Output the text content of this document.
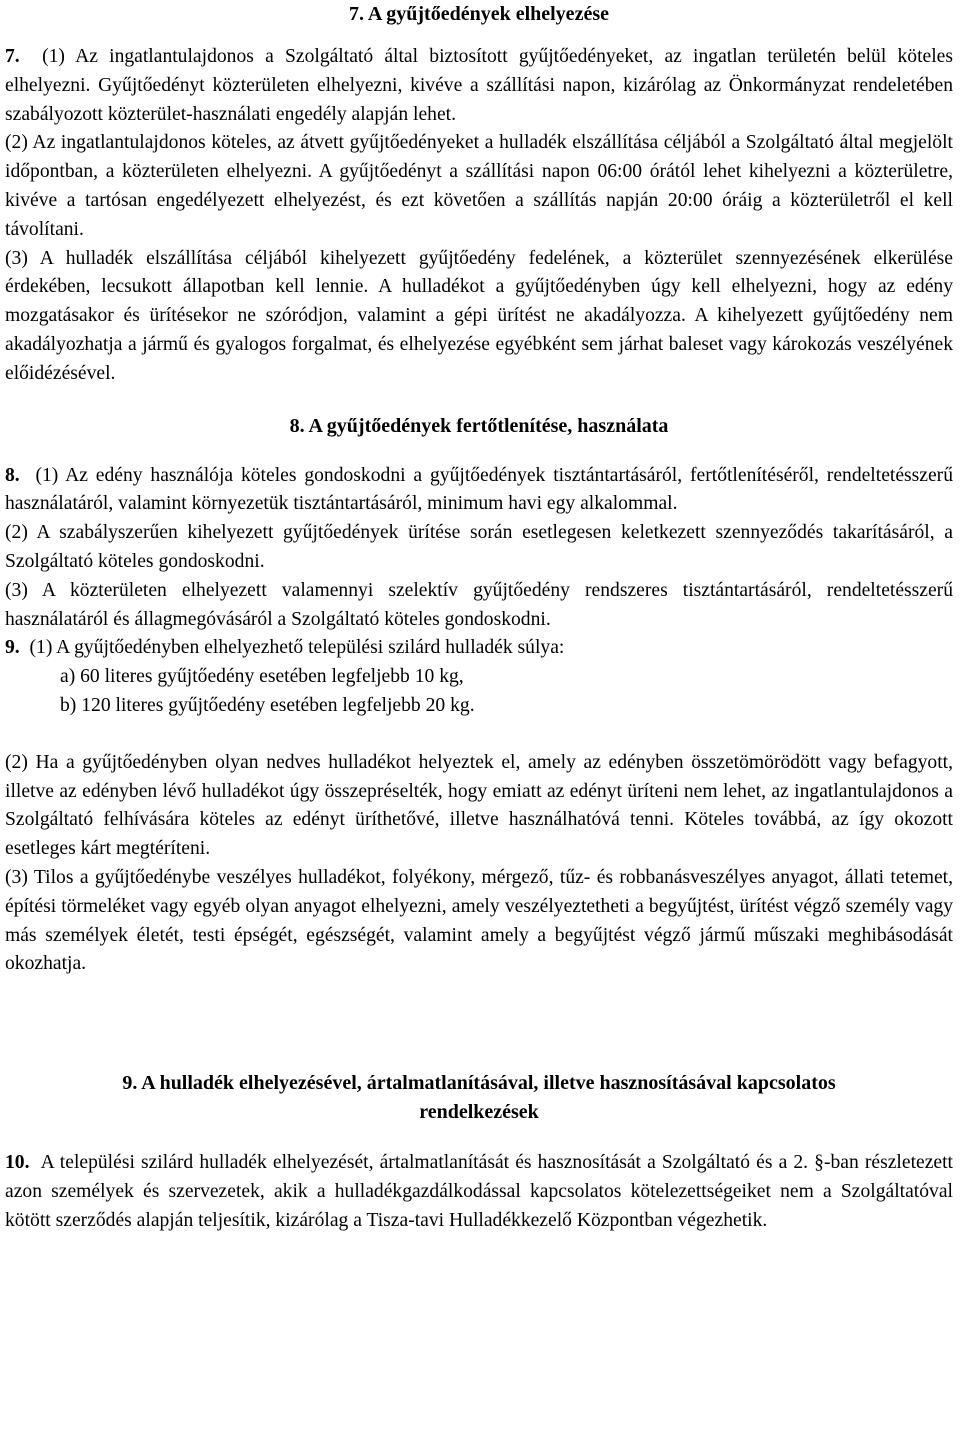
7. A gyűjtőedények elhelyezése

7.  (1) Az ingatlantulajdonos a Szolgáltató által biztosított gyűjtőedényeket, az ingatlan területén belül köteles elhelyezni. Gyűjtőedényt közterületen elhelyezni, kivéve a szállítási napon, kizárólag az Önkormányzat rendeletében szabályozott közterület-használati engedély alapján lehet.

(2) Az ingatlantulajdonos köteles, az átvett gyűjtőedényeket a hulladék elszállítása céljából a Szolgáltató által megjelölt időpontban, a közterületen elhelyezni. A gyűjtőedényt a szállítási napon 06:00 órától lehet kihelyezni a közterületre, kivéve a tartósan engedélyezett elhelyezést, és ezt követően a szállítás napján 20:00 óráig a közterületről el kell távolítani.

(3) A hulladék elszállítása céljából kihelyezett gyűjtőedény fedelének, a közterület szennyezésének elkerülése érdekében, lecsukott állapotban kell lennie. A hulladékot a gyűjtőedényben úgy kell elhelyezni, hogy az edény mozgatásakor és ürítésekor ne szóródjon, valamint a gépi ürítést ne akadályozza. A kihelyezett gyűjtőedény nem akadályozhatja a jármű és gyalogos forgalmat, és elhelyezése egyébként sem járhat baleset vagy károkozás veszélyének előidézésével.

8. A gyűjtőedények fertőtlenítése, használata

8.  (1) Az edény használója köteles gondoskodni a gyűjtőedények tisztántartásáról, fertőtlenítéséről, rendeltetésszerű használatáról, valamint környezetük tisztántartásáról, minimum havi egy alkalommal.

(2) A szabályszerűen kihelyezett gyűjtőedények ürítése során esetlegesen keletkezett szennyeződés takarításáról, a Szolgáltató köteles gondoskodni.

(3) A közterületen elhelyezett valamennyi szelektív gyűjtőedény rendszeres tisztántartásáról, rendeltetésszerű használatáról és állagmegóvásáról a Szolgáltató köteles gondoskodni.

9.  (1) A gyűjtőedényben elhelyezhető települési szilárd hulladék súlya:

a) 60 literes gyűjtőedény esetében legfeljebb 10 kg,
b) 120 literes gyűjtőedény esetében legfeljebb 20 kg.

(2) Ha a gyűjtőedényben olyan nedves hulladékot helyeztek el, amely az edényben összetömörödött vagy befagyott, illetve az edényben lévő hulladékot úgy összepréselték, hogy emiatt az edényt üríteni nem lehet, az ingatlantulajdonos a Szolgáltató felhívására köteles az edényt üríthetővé, illetve használhatóvá tenni. Köteles továbbá, az így okozott esetleges kárt megtéríteni.

(3) Tilos a gyűjtőedénybe veszélyes hulladékot, folyékony, mérgező, tűz- és robbanásveszélyes anyagot, állati tetemet, építési törmeléket vagy egyéb olyan anyagot elhelyezni, amely veszélyeztetheti a begyűjtést, ürítést végző személy vagy más személyek életét, testi épségét, egészségét, valamint amely a begyűjtést végző jármű műszaki meghibásodását okozhatja.

9. A hulladék elhelyezésével, ártalmatlanításával, illetve hasznosításával kapcsolatos
rendelkezések

10.  A települési szilárd hulladék elhelyezését, ártalmatlanítását és hasznosítását a Szolgáltató és a 2. §-ban részletezett azon személyek és szervezetek, akik a hulladékgazdálkodással kapcsolatos kötelezettségeiket nem a Szolgáltatóval kötött szerződés alapján teljesítik, kizárólag a Tisza-tavi Hulladékkezelő Központban végezhetik.
